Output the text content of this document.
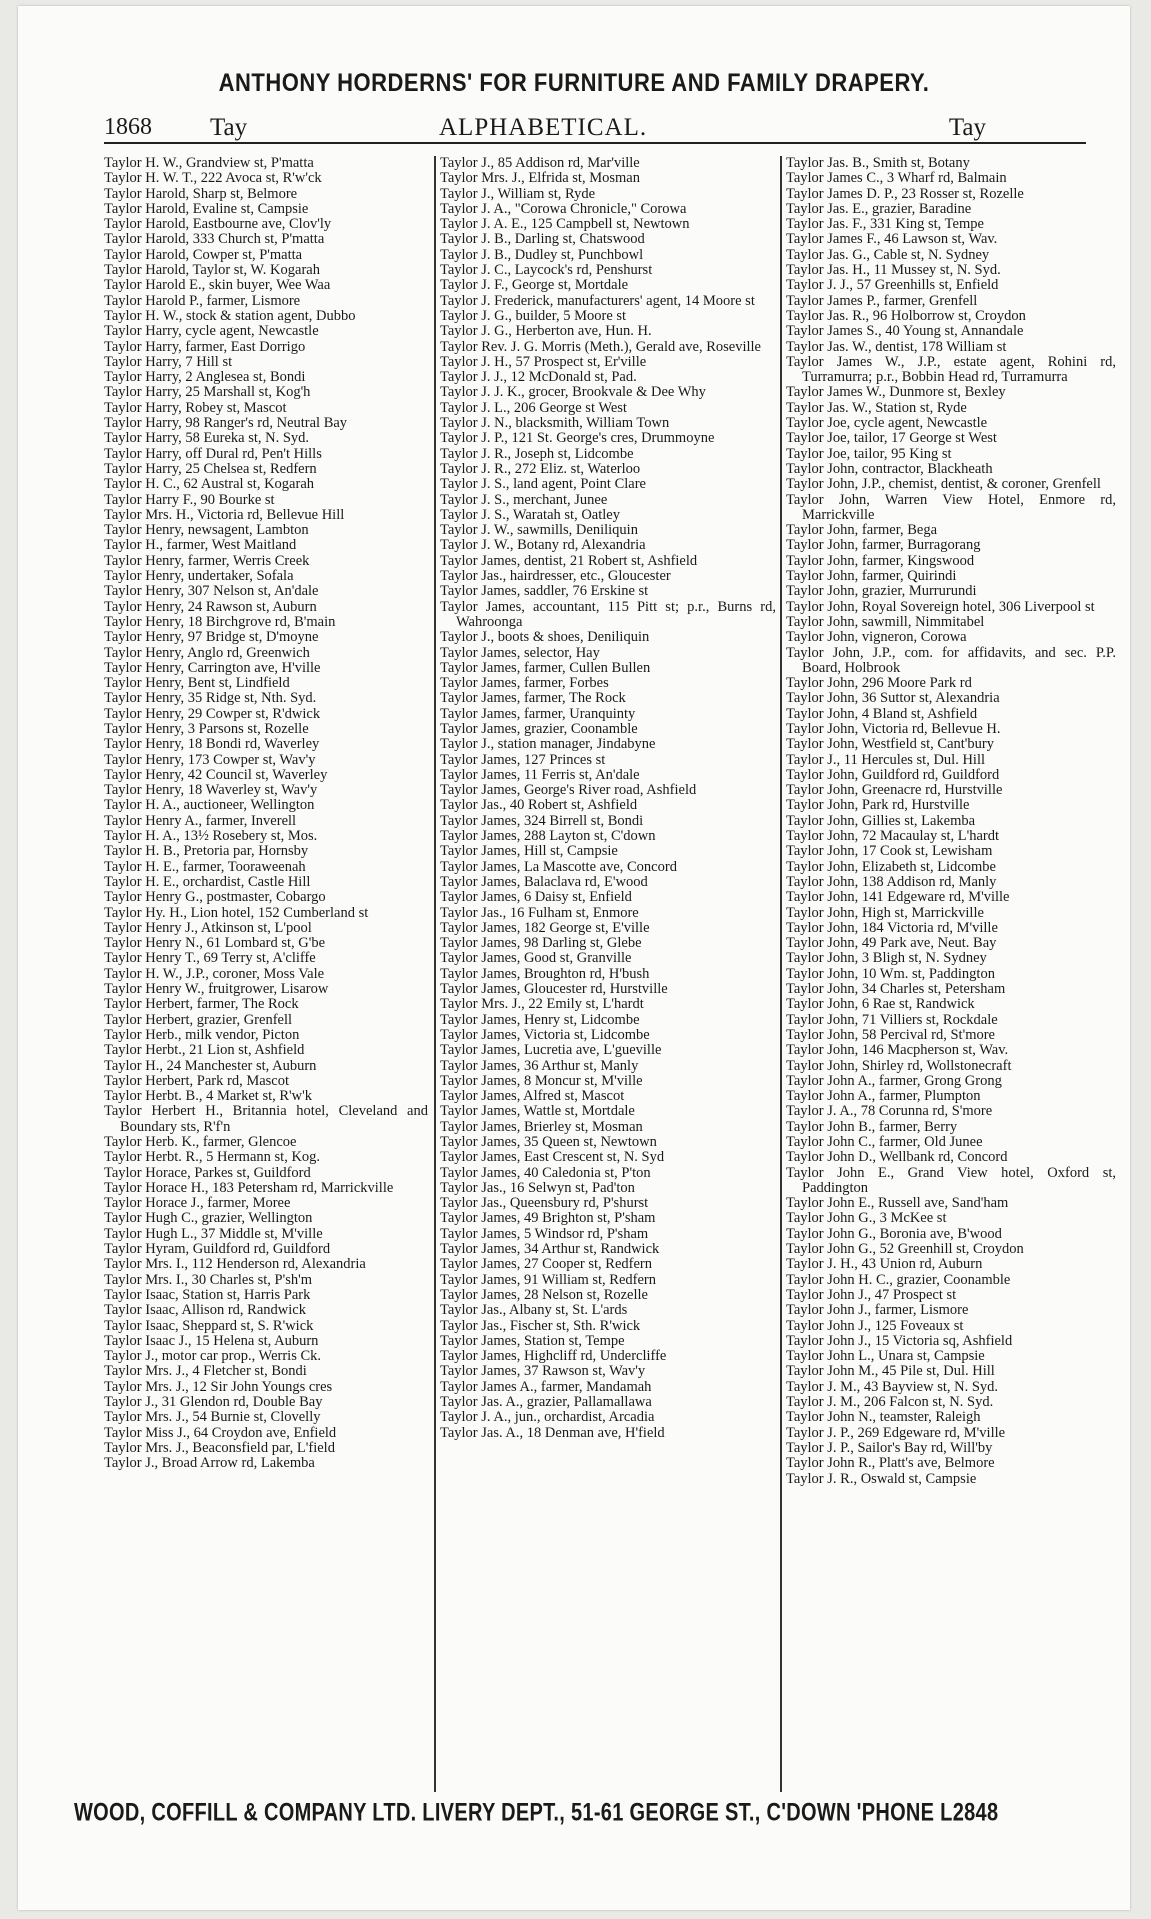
ANTHONY HORDERNS' FOR FURNITURE AND FAMILY DRAPERY.
1868 Tay	ALPHABETICAL.	Tay

Taylor H. W., Grandview st, P'matta

Taylor H. W. T., 222 Avoca st, R'w'ck

Taylor Harold, Sharp st, Belmore

Taylor Harold, Evaline st, Campsie

Taylor Harold, Eastbourne ave, Clov'ly

Taylor Harold, 333 Church st, P'matta

Taylor Harold, Cowper st, P'matta

Taylor Harold, Taylor st, W. Kogarah

Taylor Harold E., skin buyer, Wee Waa

Taylor Harold P., farmer, Lismore

Taylor H. W., stock & station agent, Dubbo

Taylor Harry, cycle agent, Newcastle

Taylor Harry, farmer, East Dorrigo

Taylor Harry, 7 Hill st

Taylor Harry, 2 Anglesea st, Bondi

Taylor Harry, 25 Marshall st, Kog'h

Taylor Harry, Robey st, Mascot

Taylor Harry, 98 Ranger's rd, Neutral Bay

Taylor Harry, 58 Eureka st, N. Syd.

Taylor Harry, off Dural rd, Pen't Hills

Taylor Harry, 25 Chelsea st, Redfern

Taylor H. C., 62 Austral st, Kogarah

Taylor Harry F., 90 Bourke st

Taylor Mrs. H., Victoria rd, Bellevue Hill

Taylor Henry, newsagent, Lambton

Taylor H., farmer, West Maitland

Taylor Henry, farmer, Werris Creek

Taylor Henry, undertaker, Sofala

Taylor Henry, 307 Nelson st, An'dale

Taylor Henry, 24 Rawson st, Auburn

Taylor Henry, 18 Birchgrove rd, B'main

Taylor Henry, 97 Bridge st, D'moyne

Taylor Henry, Anglo rd, Greenwich

Taylor Henry, Carrington ave, H'ville

Taylor Henry, Bent st, Lindfield

Taylor Henry, 35 Ridge st, Nth. Syd.

Taylor Henry, 29 Cowper st, R'dwick

Taylor Henry, 3 Parsons st, Rozelle

Taylor Henry, 18 Bondi rd, Waverley

Taylor Henry, 173 Cowper st, Wav'y

Taylor Henry, 42 Council st, Waverley

Taylor Henry, 18 Waverley st, Wav'y

Taylor H. A., auctioneer, Wellington

Taylor Henry A., farmer, Inverell

Taylor H. A., 13½ Rosebery st, Mos.

Taylor H. B., Pretoria par, Hornsby

Taylor H. E., farmer, Tooraweenah

Taylor H. E., orchardist, Castle Hill

Taylor Henry G., postmaster, Cobargo

Taylor Hy. H., Lion hotel, 152 Cumberland st

Taylor Henry J., Atkinson st, L'pool

Taylor Henry N., 61 Lombard st, G'be

Taylor Henry T., 69 Terry st, A'cliffe

Taylor H. W., J.P., coroner, Moss Vale

Taylor Henry W., fruitgrower, Lisarow

Taylor Herbert, farmer, The Rock

Taylor Herbert, grazier, Grenfell

Taylor Herb., milk vendor, Picton

Taylor Herbt., 21 Lion st, Ashfield

Taylor H., 24 Manchester st, Auburn

Taylor Herbert, Park rd, Mascot

Taylor Herbt. B., 4 Market st, R'w'k

Taylor Herbert H., Britannia hotel, Cleveland and Boundary sts, R'f'n

Taylor Herb. K., farmer, Glencoe

Taylor Herbt. R., 5 Hermann st, Kog.

Taylor Horace, Parkes st, Guildford

Taylor Horace H., 183 Petersham rd, Marrickville

Taylor Horace J., farmer, Moree

Taylor Hugh C., grazier, Wellington

Taylor Hugh L., 37 Middle st, M'ville

Taylor Hyram, Guildford rd, Guildford

Taylor Mrs. I., 112 Henderson rd, Alexandria

Taylor Mrs. I., 30 Charles st, P'sh'm

Taylor Isaac, Station st, Harris Park

Taylor Isaac, Allison rd, Randwick

Taylor Isaac, Sheppard st, S. R'wick

Taylor Isaac J., 15 Helena st, Auburn

Taylor J., motor car prop., Werris Ck.

Taylor Mrs. J., 4 Fletcher st, Bondi

Taylor Mrs. J., 12 Sir John Youngs cres

Taylor J., 31 Glendon rd, Double Bay

Taylor Mrs. J., 54 Burnie st, Clovelly

Taylor Miss J., 64 Croydon ave, Enfield

Taylor Mrs. J., Beaconsfield par, L'field

Taylor J., Broad Arrow rd, Lakemba

Taylor J., 85 Addison rd, Mar'ville

Taylor Mrs. J., Elfrida st, Mosman

Taylor J., William st, Ryde

Taylor J. A., "Corowa Chronicle," Corowa

Taylor J. A. E., 125 Campbell st, Newtown

Taylor J. B., Darling st, Chatswood

Taylor J. B., Dudley st, Punchbowl

Taylor J. C., Laycock's rd, Penshurst

Taylor J. F., George st, Mortdale

Taylor J. Frederick, manufacturers' agent, 14 Moore st

Taylor J. G., builder, 5 Moore st

Taylor J. G., Herberton ave, Hun. H.

Taylor Rev. J. G. Morris (Meth.), Gerald ave, Roseville

Taylor J. H., 57 Prospect st, Er'ville

Taylor J. J., 12 McDonald st, Pad.

Taylor J. J. K., grocer, Brookvale & Dee Why

Taylor J. L., 206 George st West

Taylor J. N., blacksmith, William Town

Taylor J. P., 121 St. George's cres, Drummoyne

Taylor J. R., Joseph st, Lidcombe

Taylor J. R., 272 Eliz. st, Waterloo

Taylor J. S., land agent, Point Clare

Taylor J. S., merchant, Junee

Taylor J. S., Waratah st, Oatley

Taylor J. W., sawmills, Deniliquin

Taylor J. W., Botany rd, Alexandria

Taylor James, dentist, 21 Robert st, Ashfield

Taylor Jas., hairdresser, etc., Gloucester

Taylor James, saddler, 76 Erskine st

Taylor James, accountant, 115 Pitt st; p.r., Burns rd, Wahroonga

Taylor J., boots & shoes, Deniliquin

Taylor James, selector, Hay

Taylor James, farmer, Cullen Bullen

Taylor James, farmer, Forbes

Taylor James, farmer, The Rock

Taylor James, farmer, Uranquinty

Taylor James, grazier, Coonamble

Taylor J., station manager, Jindabyne

Taylor James, 127 Princes st

Taylor James, 11 Ferris st, An'dale

Taylor James, George's River road, Ashfield

Taylor Jas., 40 Robert st, Ashfield

Taylor James, 324 Birrell st, Bondi

Taylor James, 288 Layton st, C'down

Taylor James, Hill st, Campsie

Taylor James, La Mascotte ave, Concord

Taylor James, Balaclava rd, E'wood

Taylor James, 6 Daisy st, Enfield

Taylor Jas., 16 Fulham st, Enmore

Taylor James, 182 George st, E'ville

Taylor James, 98 Darling st, Glebe

Taylor James, Good st, Granville

Taylor James, Broughton rd, H'bush

Taylor James, Gloucester rd, Hurstville

Taylor Mrs. J., 22 Emily st, L'hardt

Taylor James, Henry st, Lidcombe

Taylor James, Victoria st, Lidcombe

Taylor James, Lucretia ave, L'gueville

Taylor James, 36 Arthur st, Manly

Taylor James, 8 Moncur st, M'ville

Taylor James, Alfred st, Mascot

Taylor James, Wattle st, Mortdale

Taylor James, Brierley st, Mosman

Taylor James, 35 Queen st, Newtown

Taylor James, East Crescent st, N. Syd

Taylor James, 40 Caledonia st, P'ton

Taylor Jas., 16 Selwyn st, Pad'ton

Taylor Jas., Queensbury rd, P'shurst

Taylor James, 49 Brighton st, P'sham

Taylor James, 5 Windsor rd, P'sham

Taylor James, 34 Arthur st, Randwick

Taylor James, 27 Cooper st, Redfern

Taylor James, 91 William st, Redfern

Taylor James, 28 Nelson st, Rozelle

Taylor Jas., Albany st, St. L'ards

Taylor Jas., Fischer st, Sth. R'wick

Taylor James, Station st, Tempe

Taylor James, Highcliff rd, Undercliffe

Taylor James, 37 Rawson st, Wav'y

Taylor James A., farmer, Mandamah

Taylor Jas. A., grazier, Pallamallawa

Taylor J. A., jun., orchardist, Arcadia

Taylor Jas. A., 18 Denman ave, H'field

Taylor Jas. B., Smith st, Botany

Taylor James C., 3 Wharf rd, Balmain

Taylor James D. P., 23 Rosser st, Rozelle

Taylor Jas. E., grazier, Baradine

Taylor Jas. F., 331 King st, Tempe

Taylor James F., 46 Lawson st, Wav.

Taylor Jas. G., Cable st, N. Sydney

Taylor Jas. H., 11 Mussey st, N. Syd.

Taylor J. J., 57 Greenhills st, Enfield

Taylor James P., farmer, Grenfell

Taylor Jas. R., 96 Holborrow st, Croydon

Taylor James S., 40 Young st, Annandale

Taylor Jas. W., dentist, 178 William st

Taylor James W., J.P., estate agent, Rohini rd, Turramurra; p.r., Bobbin Head rd, Turramurra

Taylor James W., Dunmore st, Bexley

Taylor Jas. W., Station st, Ryde

Taylor Joe, cycle agent, Newcastle

Taylor Joe, tailor, 17 George st West

Taylor Joe, tailor, 95 King st

Taylor John, contractor, Blackheath

Taylor John, J.P., chemist, dentist, & coroner, Grenfell

Taylor John, Warren View Hotel, Enmore rd, Marrickville

Taylor John, farmer, Bega

Taylor John, farmer, Burragorang

Taylor John, farmer, Kingswood

Taylor John, farmer, Quirindi

Taylor John, grazier, Murrurundi

Taylor John, Royal Sovereign hotel, 306 Liverpool st

Taylor John, sawmill, Nimmitabel

Taylor John, vigneron, Corowa

Taylor John, J.P., com. for affidavits, and sec. P.P. Board, Holbrook

Taylor John, 296 Moore Park rd

Taylor John, 36 Suttor st, Alexandria

Taylor John, 4 Bland st, Ashfield

Taylor John, Victoria rd, Bellevue H.

Taylor John, Westfield st, Cant'bury

Taylor J., 11 Hercules st, Dul. Hill

Taylor John, Guildford rd, Guildford

Taylor John, Greenacre rd, Hurstville

Taylor John, Park rd, Hurstville

Taylor John, Gillies st, Lakemba

Taylor John, 72 Macaulay st, L'hardt

Taylor John, 17 Cook st, Lewisham

Taylor John, Elizabeth st, Lidcombe

Taylor John, 138 Addison rd, Manly

Taylor John, 141 Edgeware rd, M'ville

Taylor John, High st, Marrickville

Taylor John, 184 Victoria rd, M'ville

Taylor John, 49 Park ave, Neut. Bay

Taylor John, 3 Bligh st, N. Sydney

Taylor John, 10 Wm. st, Paddington

Taylor John, 34 Charles st, Petersham

Taylor John, 6 Rae st, Randwick

Taylor John, 71 Villiers st, Rockdale

Taylor John, 58 Percival rd, St'more

Taylor John, 146 Macpherson st, Wav.

Taylor John, Shirley rd, Wollstonecraft

Taylor John A., farmer, Grong Grong

Taylor John A., farmer, Plumpton

Taylor J. A., 78 Corunna rd, S'more

Taylor John B., farmer, Berry

Taylor John C., farmer, Old Junee

Taylor John D., Wellbank rd, Concord

Taylor John E., Grand View hotel, Oxford st, Paddington

Taylor John E., Russell ave, Sand'ham

Taylor John G., 3 McKee st

Taylor John G., Boronia ave, B'wood

Taylor John G., 52 Greenhill st, Croydon

Taylor J. H., 43 Union rd, Auburn

Taylor John H. C., grazier, Coonamble

Taylor John J., 47 Prospect st

Taylor John J., farmer, Lismore

Taylor John J., 125 Foveaux st

Taylor John J., 15 Victoria sq, Ashfield

Taylor John L., Unara st, Campsie

Taylor John M., 45 Pile st, Dul. Hill

Taylor J. M., 43 Bayview st, N. Syd.

Taylor J. M., 206 Falcon st, N. Syd.

Taylor John N., teamster, Raleigh

Taylor J. P., 269 Edgeware rd, M'ville

Taylor J. P., Sailor's Bay rd, Will'by

Taylor John R., Platt's ave, Belmore

Taylor J. R., Oswald st, Campsie

WOOD, COFFILL & COMPANY LTD. LIVERY DEPT., 51-61 GEORGE ST., C'DOWN 'PHONE L2848
